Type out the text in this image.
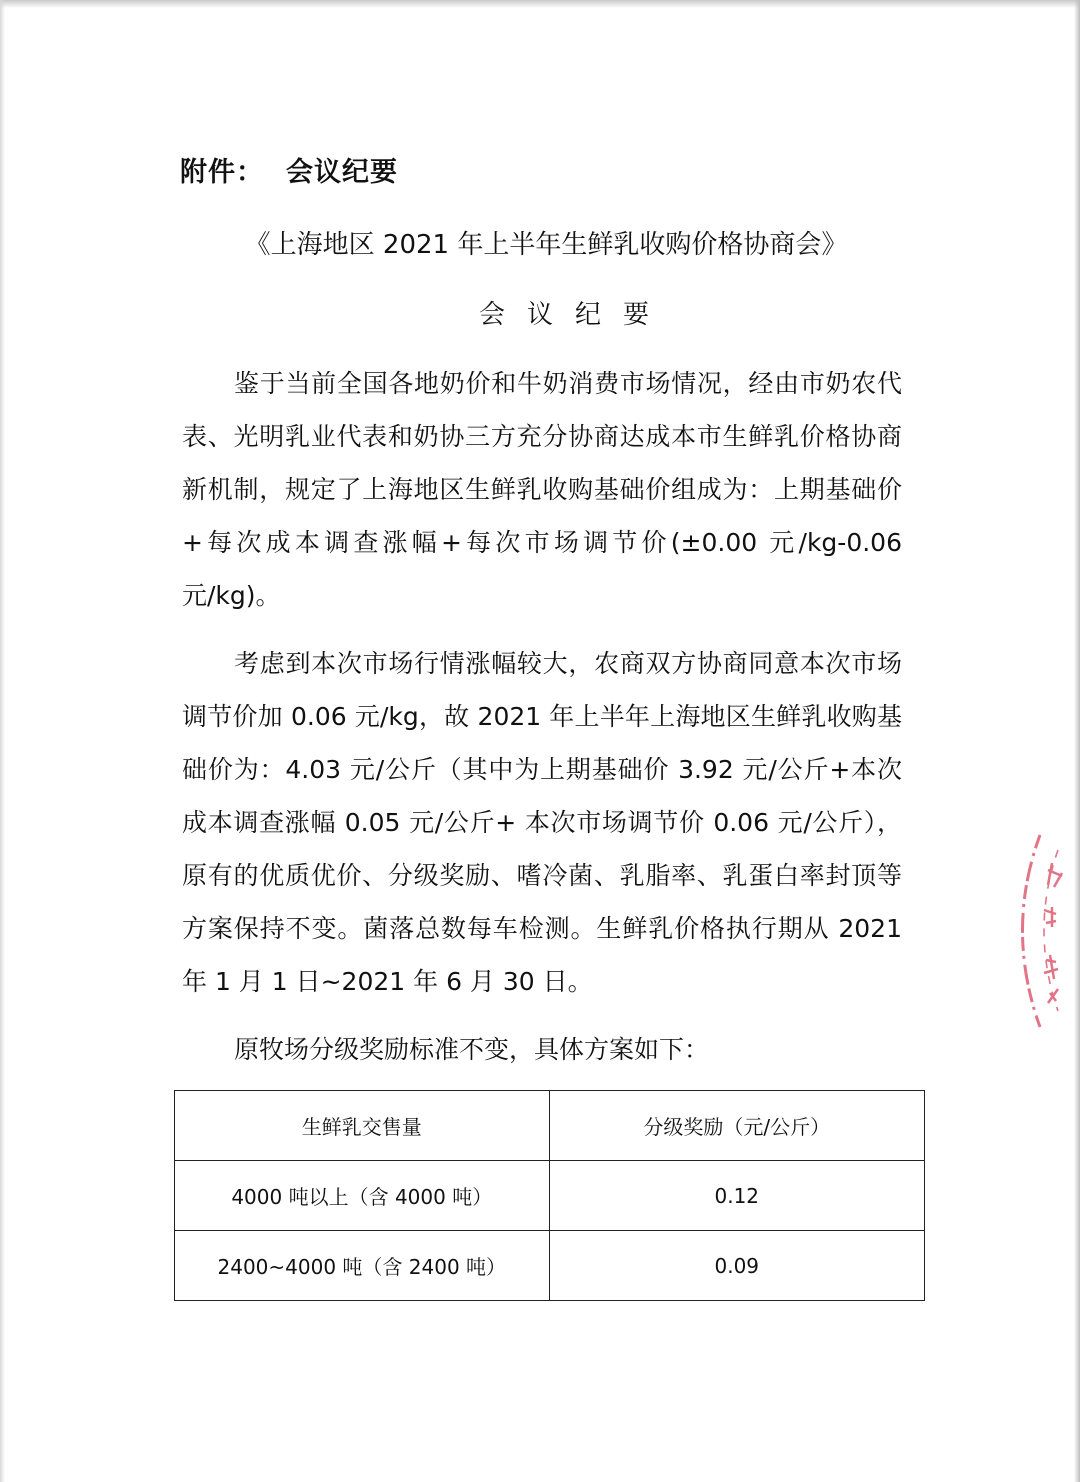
附件： 会议纪要
《上海地区 2021 年上半年生鲜乳收购价格协商会》
会议纪要

鉴于当前全国各地奶价和牛奶消费市场情况，经由市奶农代表、光明乳业代表和奶协三方充分协商达成本市生鲜乳价格协商新机制，规定了上海地区生鲜乳收购基础价组成为：上期基础价+每次成本调查涨幅+每次市场调节价(±0.00 元/kg-0.06 元/kg)。

考虑到本次市场行情涨幅较大，农商双方协商同意本次市场调节价加 0.06 元/kg，故 2021 年上半年上海地区生鲜乳收购基础价为：4.03 元/公斤（其中为上期基础价 3.92 元/公斤+本次成本调查涨幅 0.05 元/公斤+ 本次市场调节价 0.06 元/公斤），原有的优质优价、分级奖励、嗜冷菌、乳脂率、乳蛋白率封顶等方案保持不变。菌落总数每车检测。生鲜乳价格执行期从 2021 年 1 月 1 日~2021 年 6 月 30 日。

原牧场分级奖励标准不变，具体方案如下：
生鲜乳交售量	分级奖励（元/公斤）
4000 吨以上（含 4000 吨）	0.12
2400~4000 吨（含 2400 吨）	0.09
